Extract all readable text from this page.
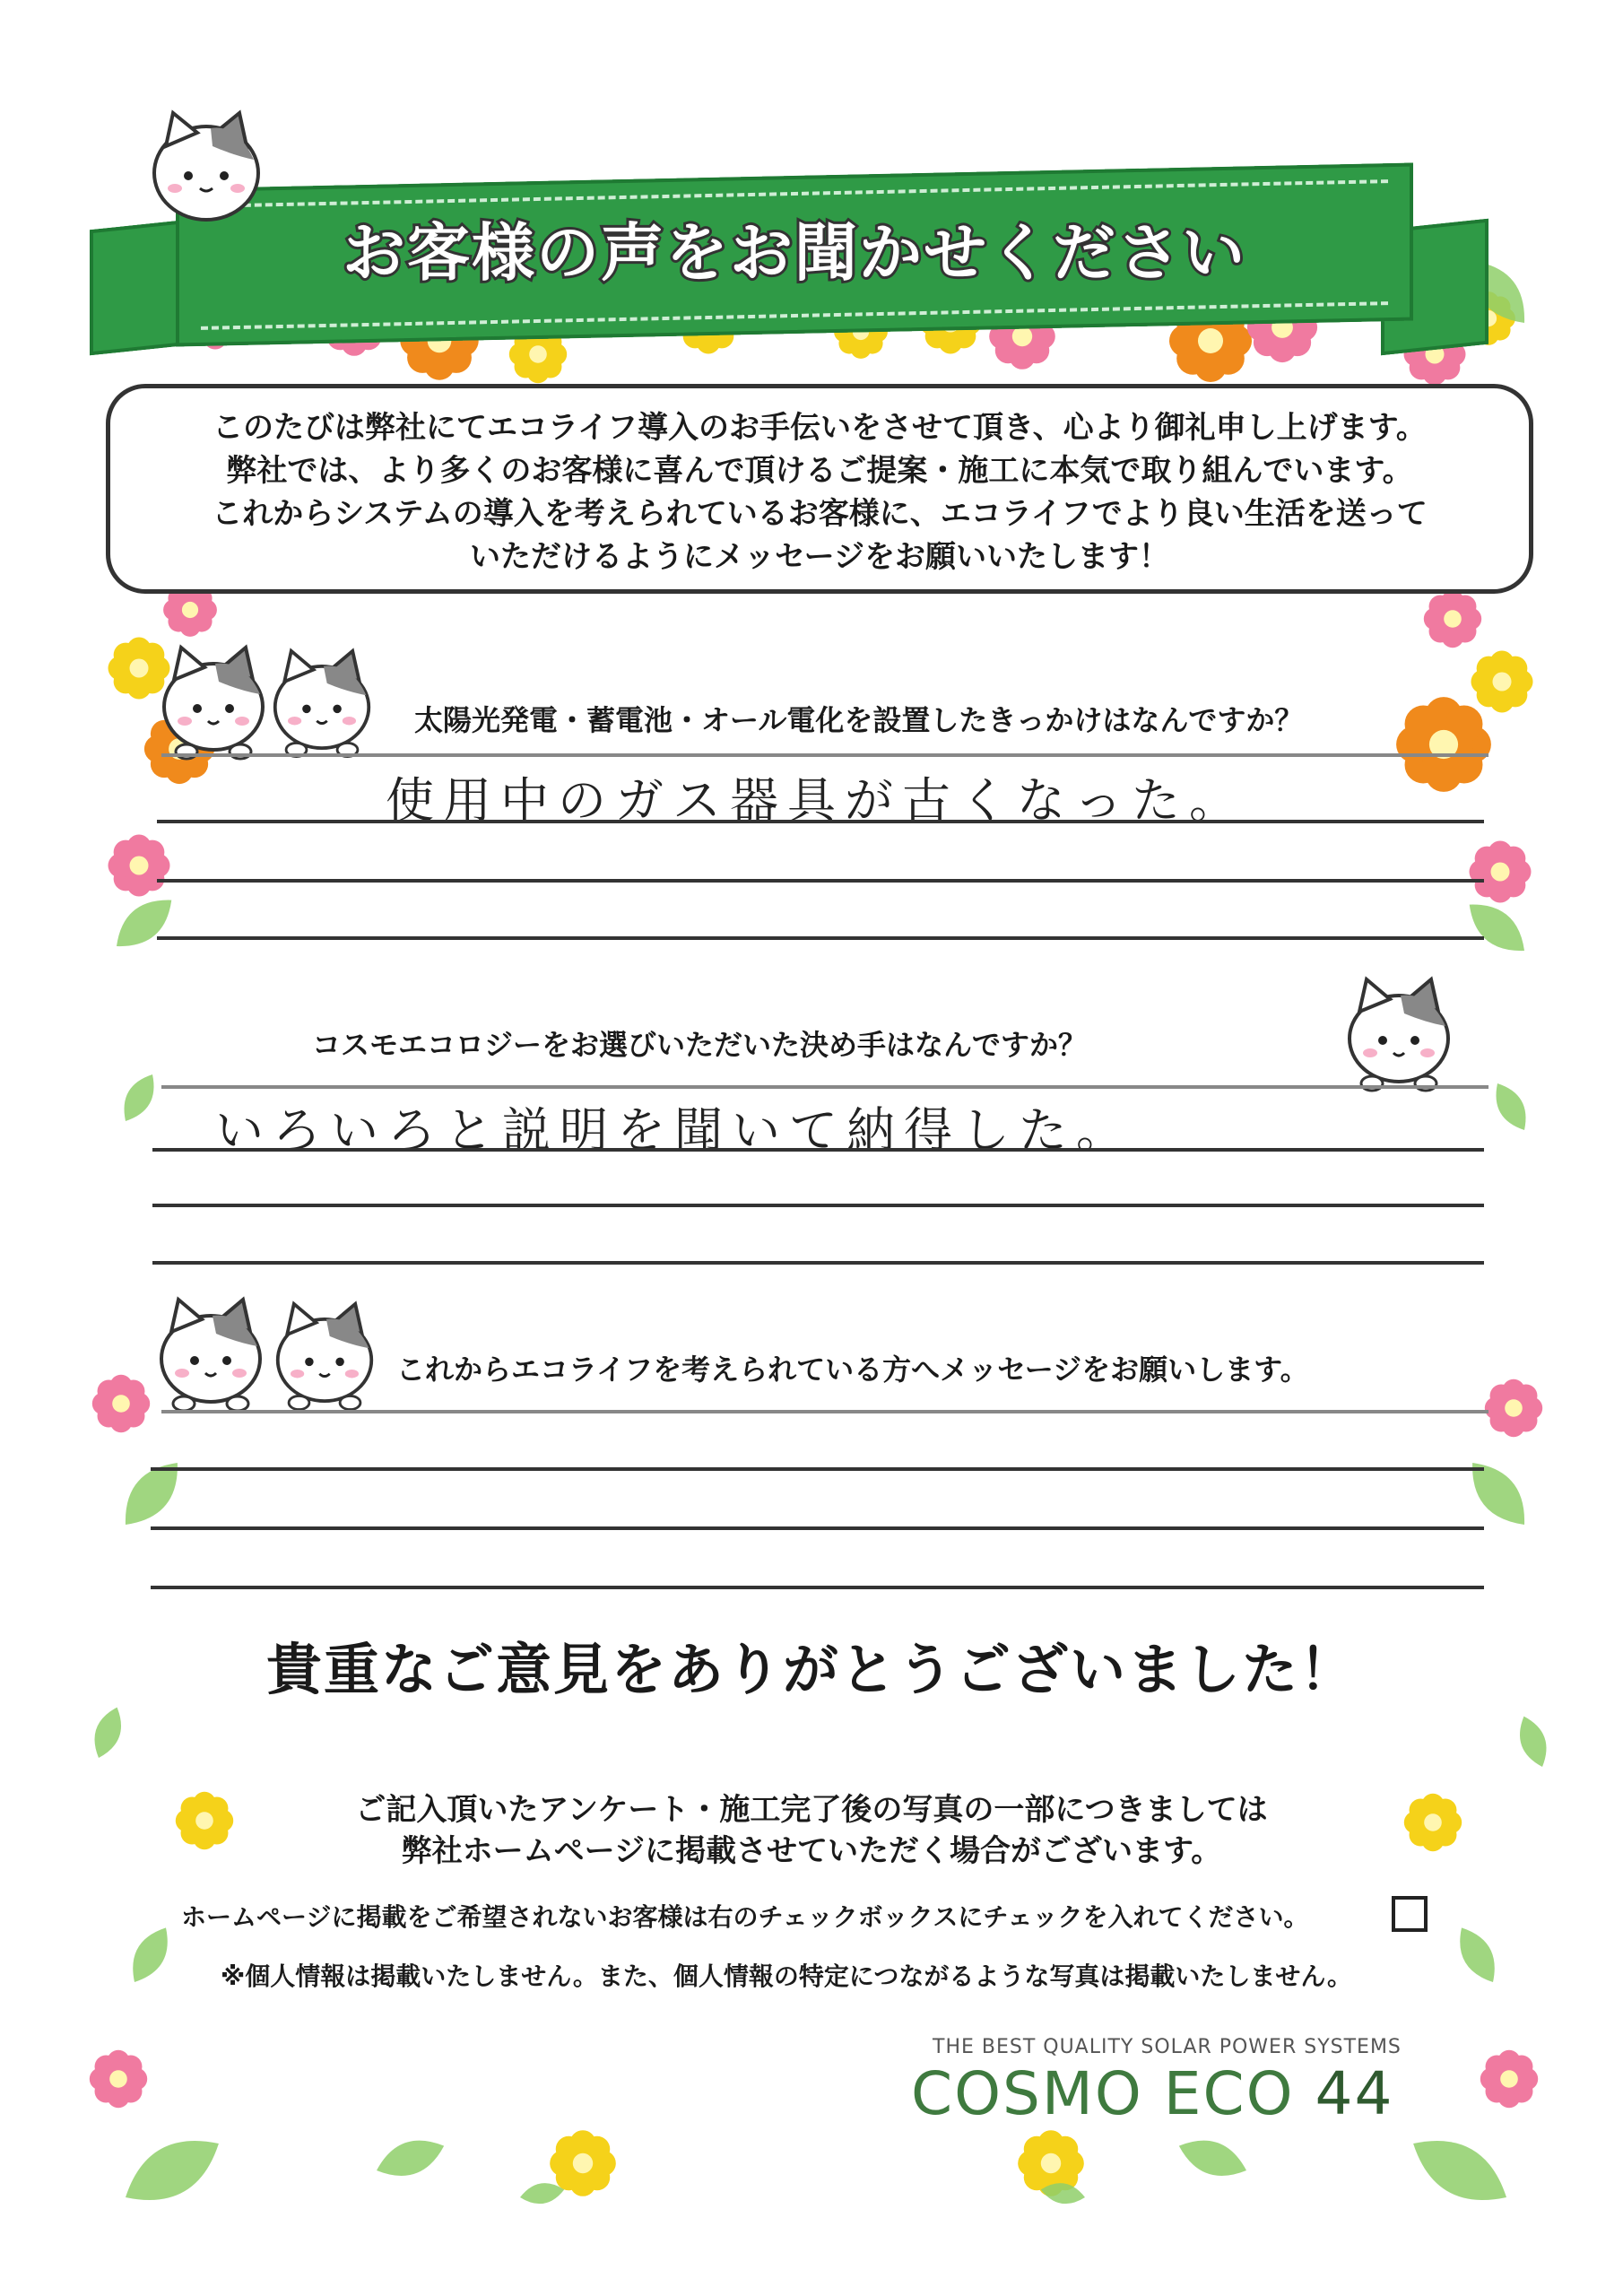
お客様の声をお聞かせください

このたびは弊社にてエコライフ導入のお手伝いをさせて頂き、心より御礼申し上げます。

弊社では、より多くのお客様に喜んで頂けるご提案・施工に本気で取り組んでいます。

これからシステムの導入を考えられているお客様に、エコライフでより良い生活を送って

いただけるようにメッセージをお願いいたします！

太陽光発電・蓄電池・オール電化を設置したきっかけはなんですか？
使用中のガス器具が古くなった。
コスモエコロジーをお選びいただいた決め手はなんですか？
いろいろと説明を聞いて納得した。
これからエコライフを考えられている方へメッセージをお願いします。
貴重なご意見をありがとうございました！
ご記入頂いたアンケート・施工完了後の写真の一部につきましては
弊社ホームページに掲載させていただく場合がございます。
ホームページに掲載をご希望されないお客様は右のチェックボックスにチェックを入れてください。
※個人情報は掲載いたしません。また、個人情報の特定につながるような写真は掲載いたしません。
THE BEST QUALITY SOLAR POWER SYSTEMS
COSMO ECO 44
